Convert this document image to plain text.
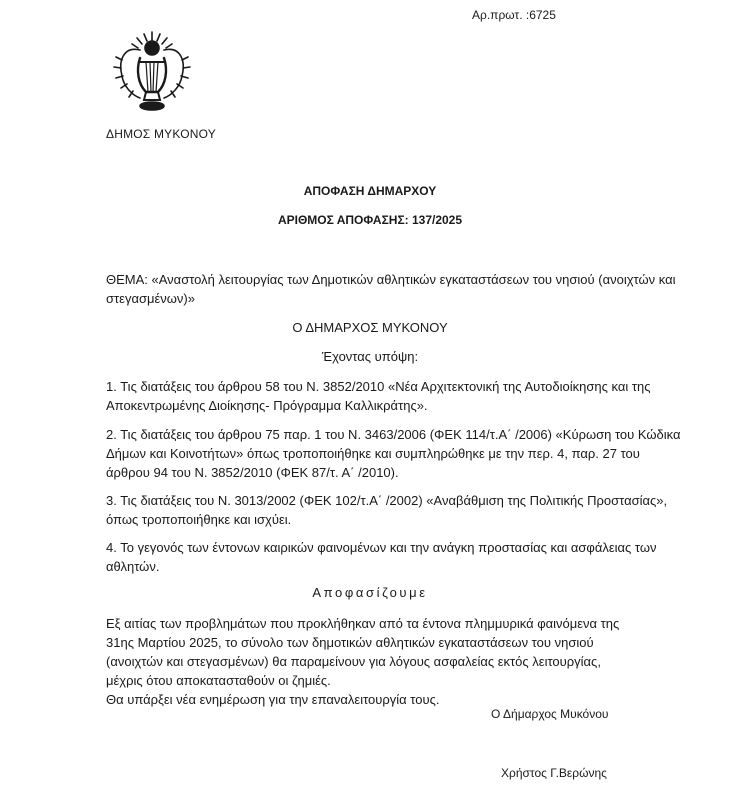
Αρ.πρωτ. :6725
ΔΗΜΟΣ ΜΥΚΟΝΟΥ
ΑΠΟΦΑΣΗ ΔΗΜΑΡΧΟΥ
ΑΡΙΘΜΟΣ ΑΠΟΦΑΣΗΣ: 137/2025
ΘΕΜΑ: «Αναστολή λειτουργίας των Δημοτικών αθλητικών εγκαταστάσεων του νησιού (ανοιχτών και στεγασμένων)»
Ο ΔΗΜΑΡΧΟΣ ΜΥΚΟΝΟΥ
Έχοντας υπόψη:
1. Τις διατάξεις του άρθρου 58 του Ν. 3852/2010 «Νέα Αρχιτεκτονική της Αυτοδιοίκησης και της Αποκεντρωμένης Διοίκησης- Πρόγραμμα Καλλικράτης».
2. Τις διατάξεις του άρθρου 75 παρ. 1 του Ν. 3463/2006 (ΦΕΚ 114/τ.Α΄ /2006) «Κύρωση του Κώδικα Δήμων και Κοινοτήτων» όπως τροποποιήθηκε και συμπληρώθηκε με την περ. 4, παρ. 27 του άρθρου 94 του Ν. 3852/2010 (ΦΕΚ 87/τ. Α΄ /2010).
3. Τις διατάξεις του Ν. 3013/2002 (ΦΕΚ 102/τ.Α΄ /2002) «Αναβάθμιση της Πολιτικής Προστασίας», όπως τροποποιήθηκε και ισχύει.
4. Το γεγονός των έντονων καιρικών φαινομένων και την ανάγκη προστασίας και ασφάλειας των αθλητών.
Αποφασίζουμε
Εξ αιτίας των προβλημάτων που προκλήθηκαν από τα έντονα πλημμυρικά φαινόμενα της
31ης Μαρτίου 2025, το σύνολο των δημοτικών αθλητικών εγκαταστάσεων του νησιού
(ανοιχτών και στεγασμένων) θα παραμείνουν για λόγους ασφαλείας εκτός λειτουργίας,
μέχρις ότου αποκατασταθούν οι ζημιές.
Θα υπάρξει νέα ενημέρωση για την επαναλειτουργία τους.
Ο Δήμαρχος Μυκόνου
Χρήστος Γ.Βερώνης
